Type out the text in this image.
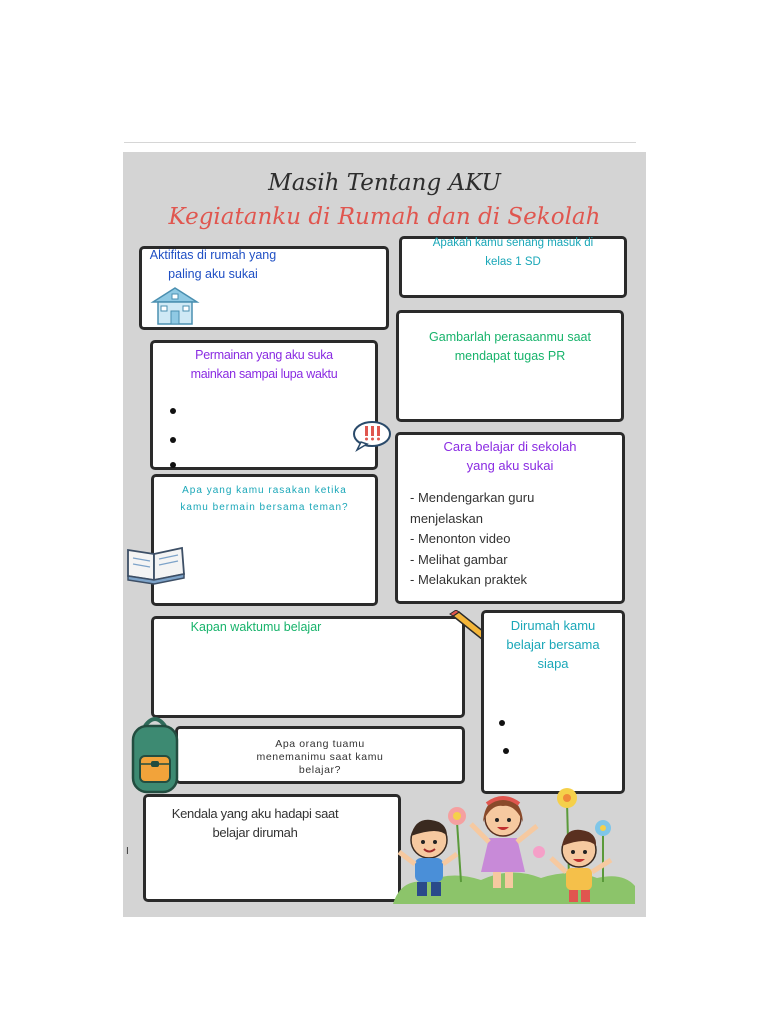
Masih Tentang AKU
Kegiatanku di Rumah dan di Sekolah
Aktifitas di rumah yang
paling aku sukai
Apakah kamu senang masuk di
kelas 1 SD
Gambarlah perasaanmu saat
mendapat tugas PR
Permainan yang aku suka
mainkan sampai lupa waktu
Apa yang kamu rasakan ketika
kamu bermain bersama teman?
Cara belajar di sekolah
yang aku sukai
- Mendengarkan guru
menjelaskan
- Menonton video
- Melihat gambar
- Melakukan praktek
Kapan waktumu belajar	Dirumah kamu
belajar bersama
siapa
Apa orang tuamu
menemanimu saat kamu
belajar?
Kendala yang aku hadapi saat
belajar dirumah
I
